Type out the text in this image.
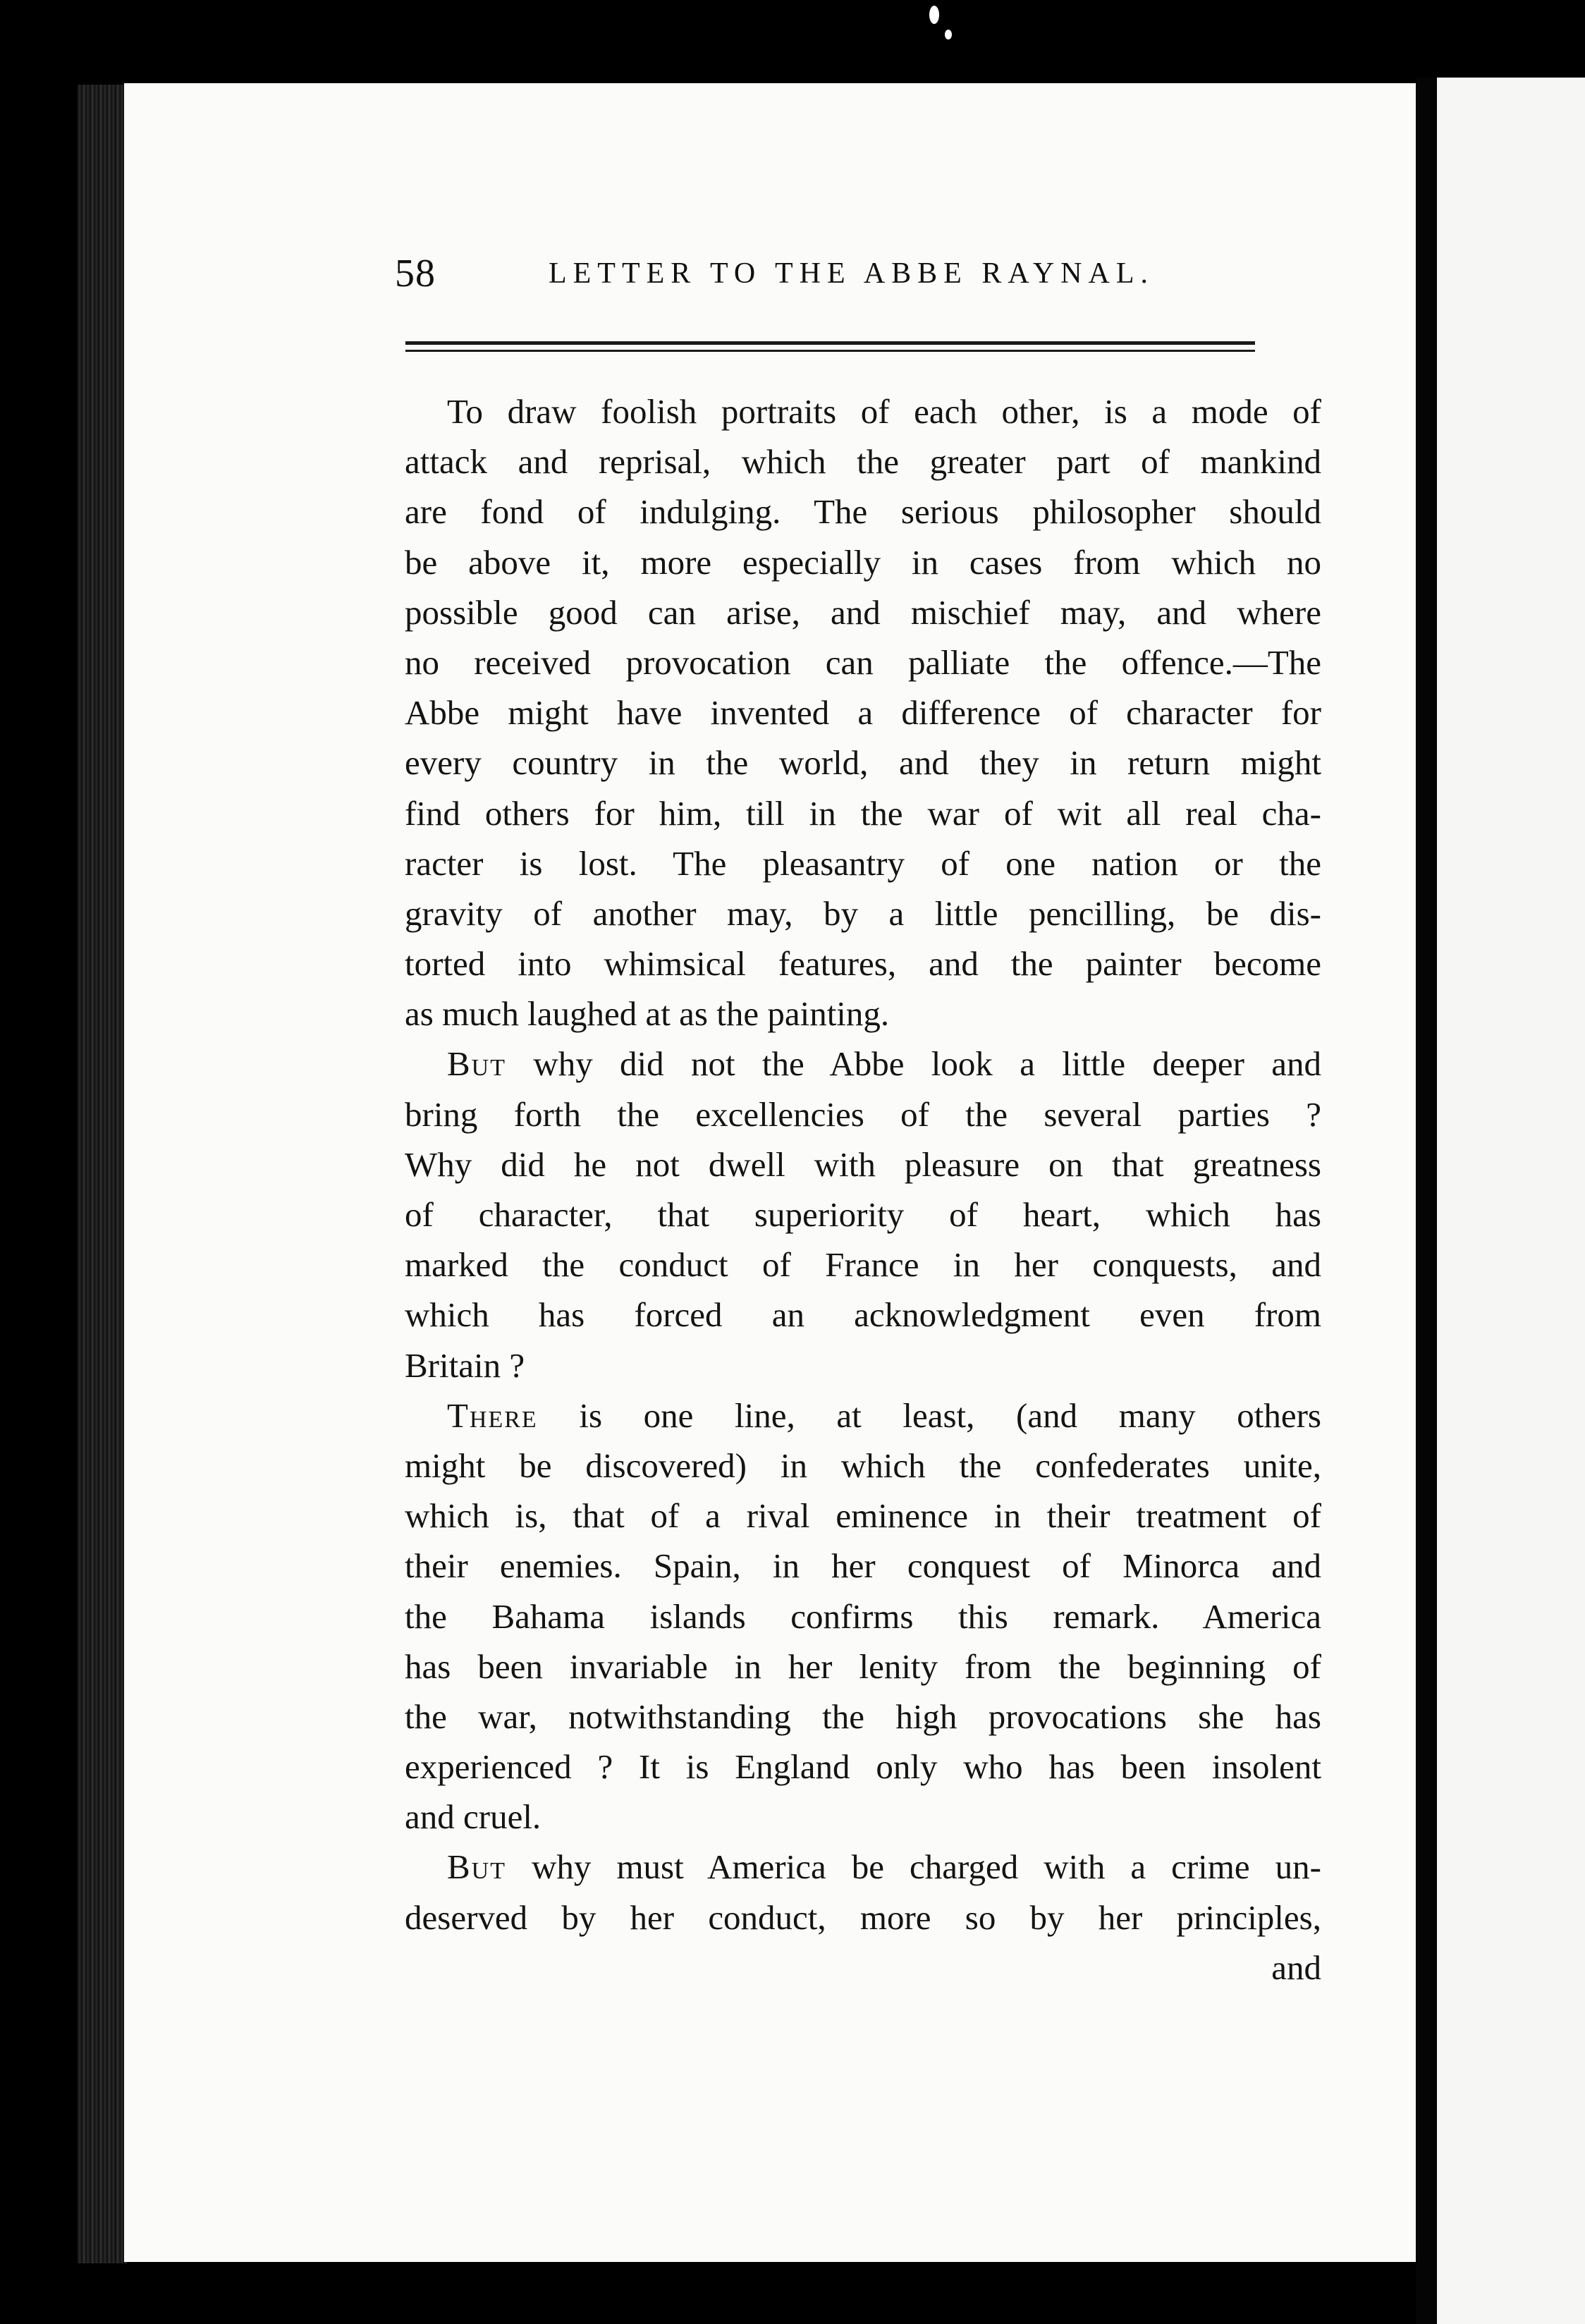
58	LETTER TO THE ABBE RAYNAL.
To draw foolish portraits of each other, is a mode of
attack and reprisal, which the greater part of mankind
are fond of indulging. The serious philosopher should
be above it, more especially in cases from which no
possible good can arise, and mischief may, and where
no received provocation can palliate the offence.—The
Abbe might have invented a difference of character for
every country in the world, and they in return might
find others for him, till in the war of wit all real cha-
racter is lost. The pleasantry of one nation or the
gravity of another may, by a little pencilling, be dis-
torted into whimsical features, and the painter become
as much laughed at as the painting.
But why did not the Abbe look a little deeper and
bring forth the excellencies of the several parties ?
Why did he not dwell with pleasure on that greatness
of character, that superiority of heart, which has
marked the conduct of France in her conquests, and
which has forced an acknowledgment even from
Britain ?
There is one line, at least, (and many others
might be discovered) in which the confederates unite,
which is, that of a rival eminence in their treatment of
their enemies. Spain, in her conquest of Minorca and
the Bahama islands confirms this remark. America
has been invariable in her lenity from the beginning of
the war, notwithstanding the high provocations she has
experienced ? It is England only who has been insolent
and cruel.
But why must America be charged with a crime un-
deserved by her conduct, more so by her principles,
and
